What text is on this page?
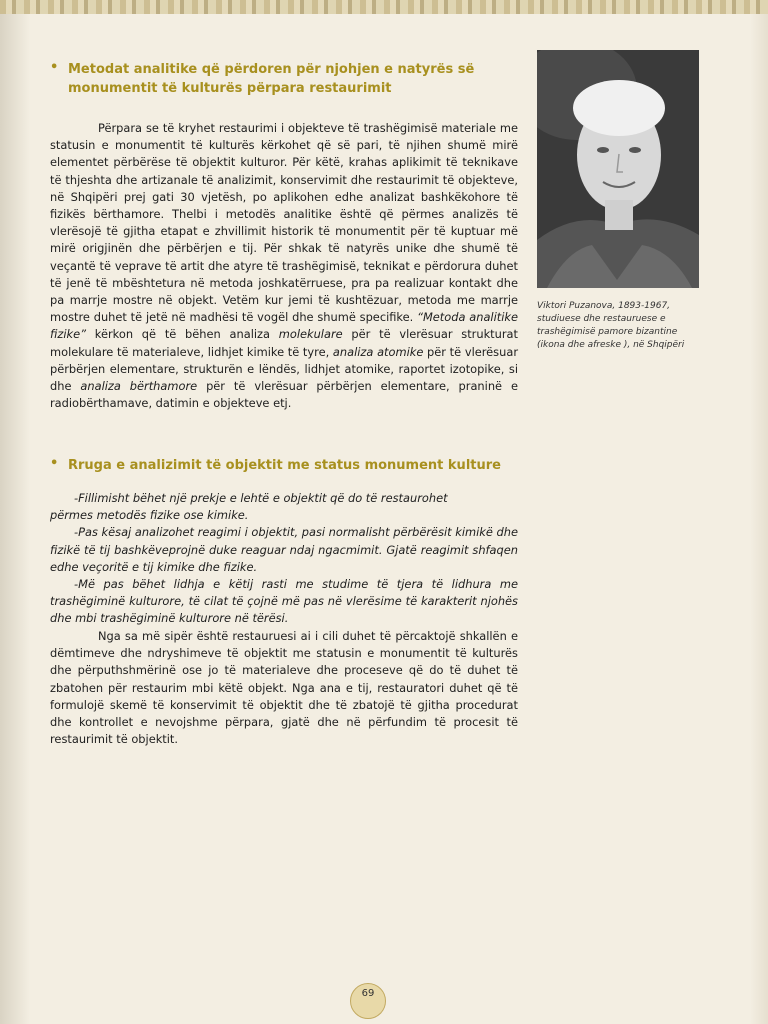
• Metodat analitike që përdoren për njohjen e natyrës së
monumentit të kulturës përpara restaurimit

Përpara se të kryhet restaurimi i objekteve të trashëgimisë materiale me statusin e monumentit të kulturës kërkohet që së pari, të njihen shumë mirë elementet përbërëse të objektit kulturor. Për këtë, krahas aplikimit të teknikave të thjeshta dhe artizanale të analizimit, konservimit dhe restaurimit të objekteve, në Shqipëri prej gati 30 vjetësh, po aplikohen edhe analizat bashkëkohore të fizikës bërthamore. Thelbi i metodës analitike është që përmes analizës të vlerësojë të gjitha etapat e zhvillimit historik të monumentit për të kuptuar më mirë origjinën dhe përbërjen e tij. Për shkak të natyrës unike dhe shumë të veçantë të veprave të artit dhe atyre të trashëgimisë, teknikat e përdorura duhet të jenë të mbështetura në metoda joshkatërruese, pra pa realizuar kontakt dhe pa marrje mostre në objekt. Vetëm kur jemi të kushtëzuar, metoda me marrje mostre duhet të jetë në madhësi të vogël dhe shumë specifike. “Metoda analitike fizike” kërkon që të bëhen analiza molekulare për të vlerësuar strukturat molekulare të materialeve, lidhjet kimike të tyre, analiza atomike për të vlerësuar përbërjen elementare, strukturën e lëndës, lidhjet atomike, raportet izotopike, si dhe analiza bërthamore për të vlerësuar përbërjen elementare, praninë e radiobërthamave, datimin e objekteve etj.

Viktori Puzanova, 1893-1967, studiuese dhe restauruese e trashëgimisë pamore bizantine (ikona dhe afreske ), në Shqipëri
• Rruga e analizimit të objektit me status monument kulture

-Fillimisht bëhet një prekje e lehtë e objektit që do të restaurohet

përmes metodës fizike ose kimike.

-Pas kësaj analizohet reagimi i objektit, pasi normalisht përbërësit kimikë dhe fizikë të tij bashkëveprojnë duke reaguar ndaj ngacmimit. Gjatë reagimit shfaqen edhe veçoritë e tij kimike dhe fizike.

-Më pas bëhet lidhja e këtij rasti me studime të tjera të lidhura me trashëgiminë kulturore, të cilat të çojnë më pas në vlerësime të karakterit njohës dhe mbi trashëgiminë kulturore në tërësi.

Nga sa më sipër është restauruesi ai i cili duhet të përcaktojë shkallën e dëmtimeve dhe ndryshimeve të objektit me statusin e monumentit të kulturës dhe përputhshmërinë ose jo të materialeve dhe proceseve që do të duhet të zbatohen për restaurim mbi këtë objekt. Nga ana e tij, restauratori duhet që të formulojë skemë të konservimit të objektit dhe të zbatojë të gjitha procedurat dhe kontrollet e nevojshme përpara, gjatë dhe në përfundim të procesit të restaurimit të objektit.

69
